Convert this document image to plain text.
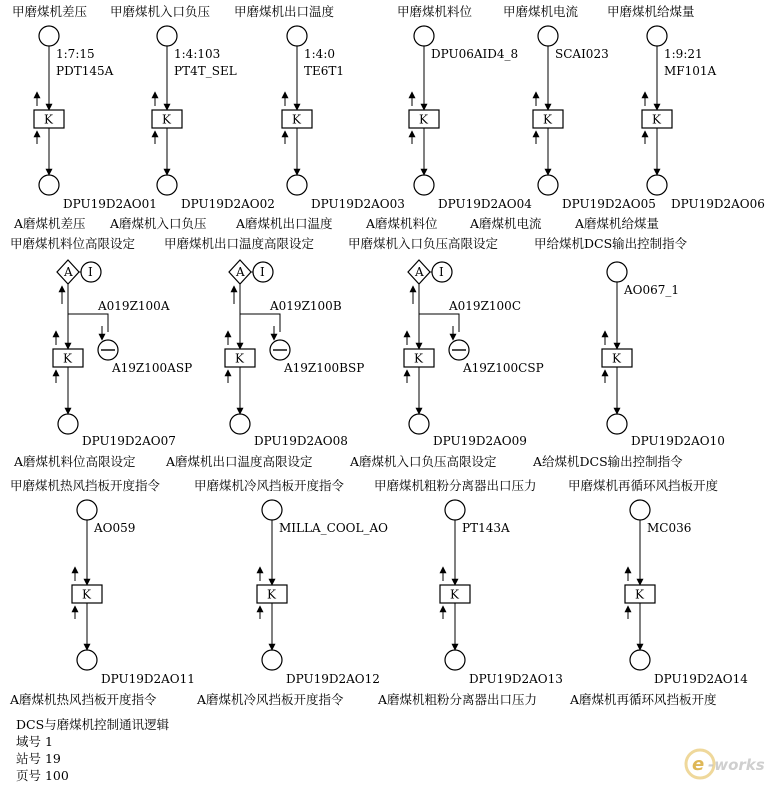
甲磨煤机差压
1:7:15
PDT145A
K
DPU19D2AO01
A磨煤机差压
甲磨煤机入口负压
1:4:103
PT4T_SEL
K
DPU19D2AO02
A磨煤机入口负压
甲磨煤机出口温度
1:4:0
TE6T1
K
DPU19D2AO03
A磨煤机出口温度
甲磨煤机料位
DPU06AID4_8
K
DPU19D2AO04
A磨煤机料位
甲磨煤机电流
SCAI023
K
DPU19D2AO05
A磨煤机电流
甲磨煤机给煤量
1:9:21
MF101A
K
DPU19D2AO06
A磨煤机给煤量
甲磨煤机料位高限设定
A I
A019Z100A
A19Z100ASP
K
DPU19D2AO07
A磨煤机料位高限设定
甲磨煤机出口温度高限设定
A I
A019Z100B
A19Z100BSP
K
DPU19D2AO08
A磨煤机出口温度高限设定
甲磨煤机入口负压高限设定
A I
A019Z100C
A19Z100CSP
K
DPU19D2AO09
A磨煤机入口负压高限设定
甲给煤机DCS输出控制指令
AO067_1
K
DPU19D2AO10
A给煤机DCS输出控制指令
甲磨煤机热风挡板开度指令
AO059
K
DPU19D2AO11
A磨煤机热风挡板开度指令
甲磨煤机冷风挡板开度指令
MILLA_COOL_AO
K
DPU19D2AO12
A磨煤机冷风挡板开度指令
甲磨煤机粗粉分离器出口压力
PT143A
K
DPU19D2AO13
A磨煤机粗粉分离器出口压力
甲磨煤机再循环风挡板开度
MC036
K
DPU19D2AO14
A磨煤机再循环风挡板开度
DCS与磨煤机控制通讯逻辑
域号 1
站号 19
页号 100
e -works
